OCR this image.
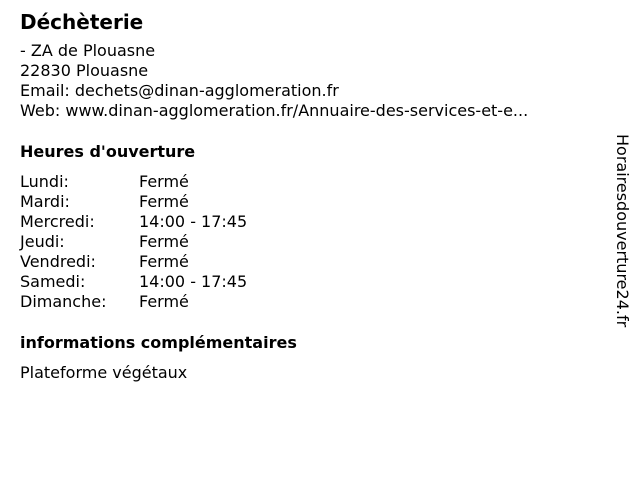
Déchèterie
- ZA de Plouasne
22830 Plouasne
Email: dechets@dinan-agglomeration.fr
Web: www.dinan-agglomeration.fr/Annuaire-des-services-et-e...
Heures d'ouverture
Lundi:	Fermé
Mardi:	Fermé
Mercredi:	14:00 - 17:45
Jeudi:	Fermé
Vendredi:	Fermé
Samedi:	14:00 - 17:45
Dimanche:	Fermé
informations complémentaires
Plateforme végétaux
Horairesdouverture24.fr
